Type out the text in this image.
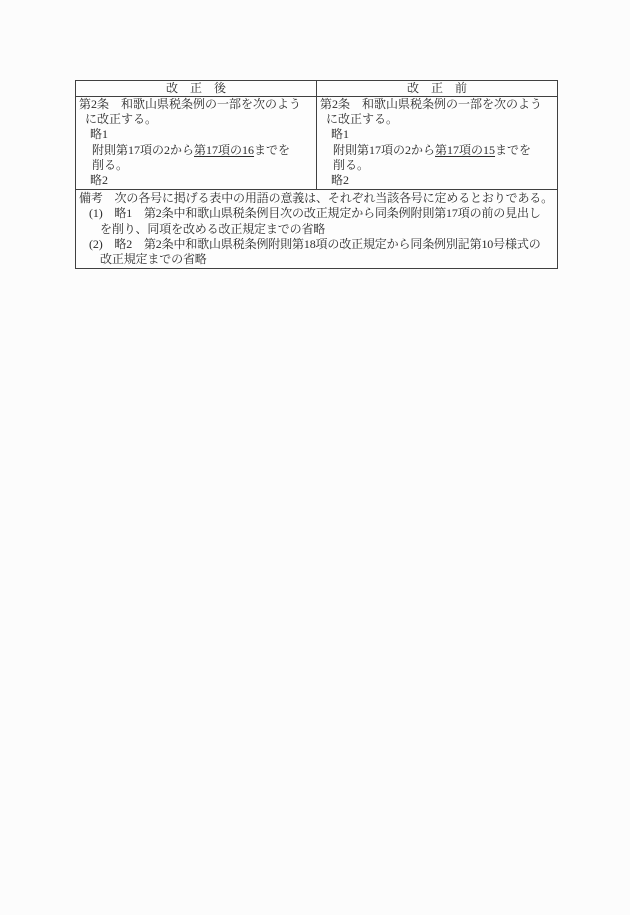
改　正　後	改　正　前
第2条　和歌山県税条例の一部を次のよう
に改正する。
略1
附則第17項の2から第17項の16までを
削る。
略2
第2条　和歌山県税条例の一部を次のよう
に改正する。
略1
附則第17項の2から第17項の15までを
削る。
略2
備考　次の各号に掲げる表中の用語の意義は、それぞれ当該各号に定めるとおりである。
(1)　略1　第2条中和歌山県税条例目次の改正規定から同条例附則第17項の前の見出し
を削り、同項を改める改正規定までの省略
(2)　略2　第2条中和歌山県税条例附則第18項の改正規定から同条例別記第10号様式の
改正規定までの省略
